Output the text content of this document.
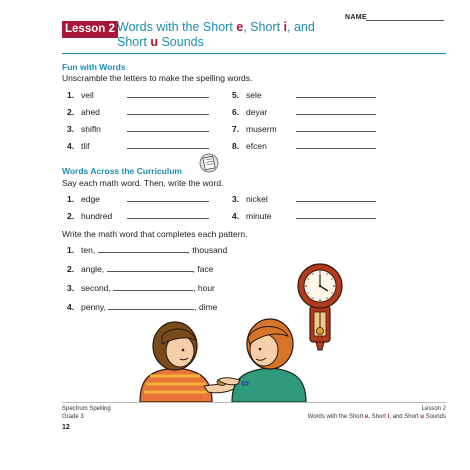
NAME
Lesson 2 Words with the Short e, Short i, and
Short u Sounds
Fun with Words
Unscramble the letters to make the spelling words.
1. veil
2. ahed
3. shifln
4. tlif
5. sele
6. deyar
7. muserm
8. efcen
Words Across the Curriculum
Say each math word. Then, write the word.
1. edge
2. hundred
3. nickel
4. minute
Write the math word that completes each pattern.
1. ten,	, thousand
2. angle,	, face
3. second,	, hour
4. penny,	, dime
Spectrum Spelling
Grade 3
Lesson 2
Words with the Short e, Short i, and Short u Sounds
12
